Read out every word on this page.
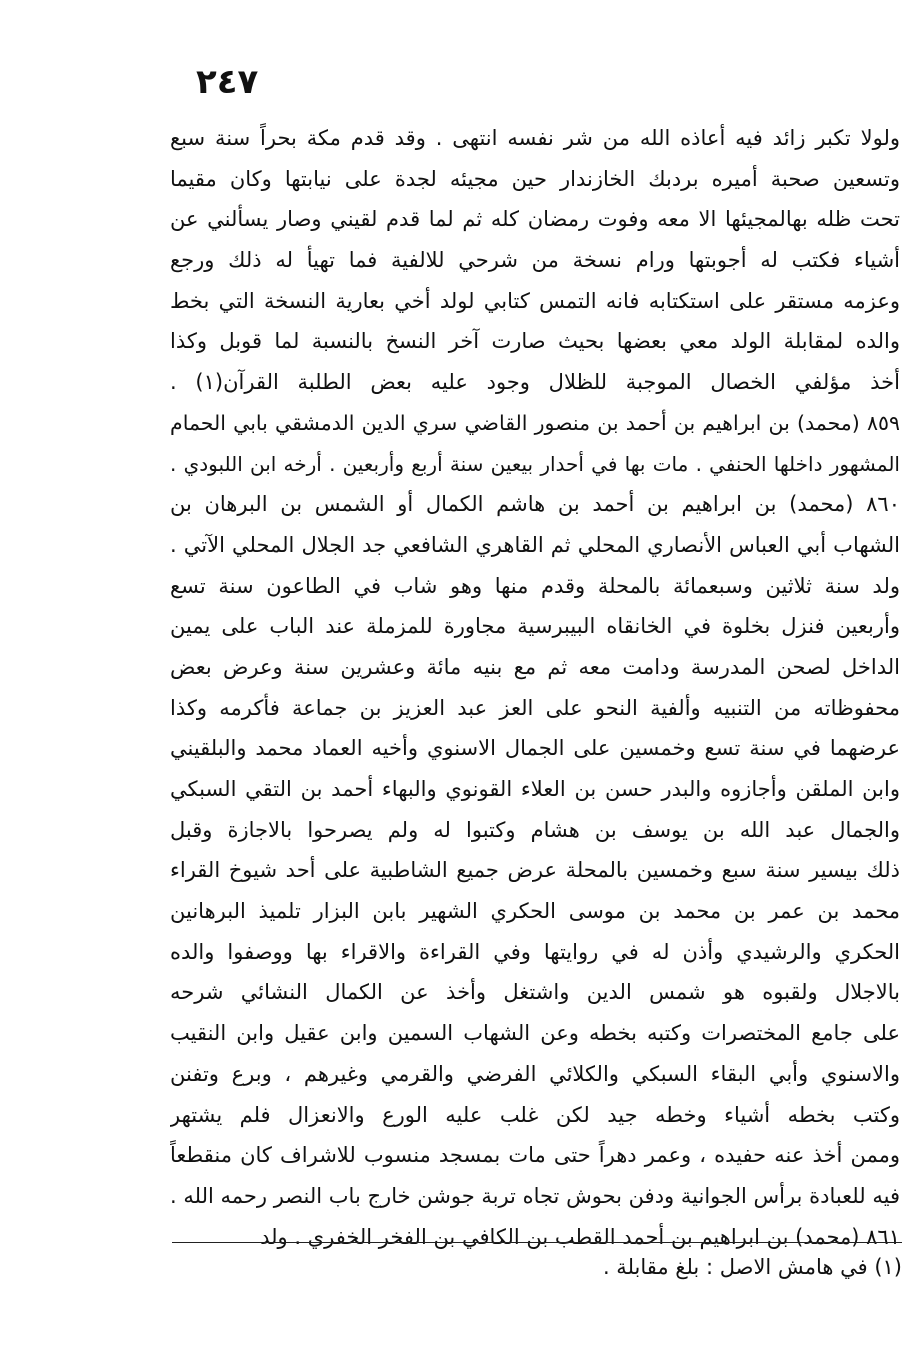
٢٤٧
ولولا تكبر زائد فيه أعاذه الله من شر نفسه انتهى . وقد قدم مكة بحراً سنة سبع
وتسعين صحبة أميره بردبك الخازندار حين مجيئه لجدة على نيابتها وكان مقيما
تحت ظله بهالمجيئها الا معه وفوت رمضان كله ثم لما قدم لقيني وصار يسألني عن
أشياء فكتب له أجوبتها ورام نسخة من شرحي للالفية فما تهيأ له ذلك ورجع
وعزمه مستقر على استكتابه فانه التمس كتابي لولد أخي بعارية النسخة التي بخط
والده لمقابلة الولد معي بعضها بحيث صارت آخر النسخ بالنسبة لما قوبل وكذا
أخذ مؤلفي الخصال الموجبة للظلال وجود عليه بعض الطلبة القرآن(١) .
٨٥٩ (محمد) بن ابراهيم بن أحمد بن منصور القاضي سري الدين الدمشقي بابي الحمام
المشهور داخلها الحنفي . مات بها في أحدار بيعين سنة أربع وأربعين . أرخه ابن اللبودي .
٨٦٠ (محمد) بن ابراهيم بن أحمد بن هاشم الكمال أو الشمس بن البرهان بن
الشهاب أبي العباس الأنصاري المحلي ثم القاهري الشافعي جد الجلال المحلي الآتي .
ولد سنة ثلاثين وسبعمائة بالمحلة وقدم منها وهو شاب في الطاعون سنة تسع
وأربعين فنزل بخلوة في الخانقاه البيبرسية مجاورة للمزملة عند الباب على يمين
الداخل لصحن المدرسة ودامت معه ثم مع بنيه مائة وعشرين سنة وعرض بعض
محفوظاته من التنبيه وألفية النحو على العز عبد العزيز بن جماعة فأكرمه وكذا
عرضهما في سنة تسع وخمسين على الجمال الاسنوي وأخيه العماد محمد والبلقيني
وابن الملقن وأجازوه والبدر حسن بن العلاء القونوي والبهاء أحمد بن التقي السبكي
والجمال عبد الله بن يوسف بن هشام وكتبوا له ولم يصرحوا بالاجازة وقبل
ذلك بيسير سنة سبع وخمسين بالمحلة عرض جميع الشاطبية على أحد شيوخ القراء
محمد بن عمر بن محمد بن موسى الحكري الشهير بابن البزار تلميذ البرهانين
الحكري والرشيدي وأذن له في روايتها وفي القراءة والاقراء بها ووصفوا والده
بالاجلال ولقبوه هو شمس الدين واشتغل وأخذ عن الكمال النشائي شرحه
على جامع المختصرات وكتبه بخطه وعن الشهاب السمين وابن عقيل وابن النقيب
والاسنوي وأبي البقاء السبكي والكلائي الفرضي والقرمي وغيرهم ، وبرع وتفنن
وكتب بخطه أشياء وخطه جيد لكن غلب عليه الورع والانعزال فلم يشتهر
وممن أخذ عنه حفيده ، وعمر دهراً حتى مات بمسجد منسوب للاشراف كان منقطعاً
فيه للعبادة برأس الجوانية ودفن بحوش تجاه تربة جوشن خارج باب النصر رحمه الله .
٨٦١ (محمد) بن ابراهيم بن أحمد القطب بن الكافي بن الفخر الخفري . ولد
(١) في هامش الاصل : بلغ مقابلة .
